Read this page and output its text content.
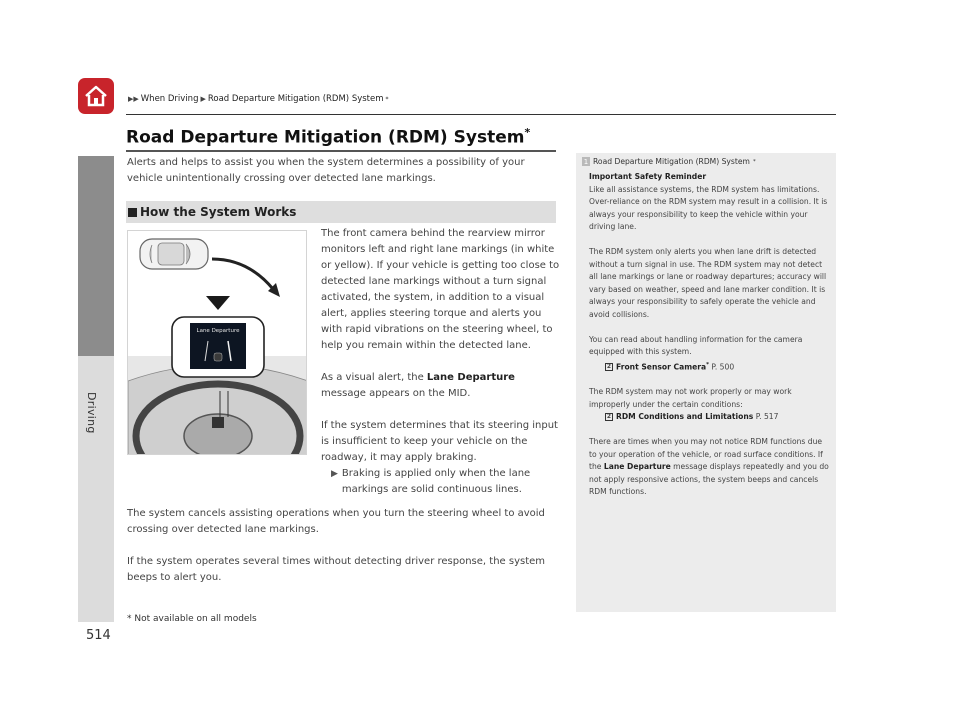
Driving
▶▶ When Driving ▶ Road Departure Mitigation (RDM) System *
Road Departure Mitigation (RDM) System*
Alerts and helps to assist you when the system determines a possibility of your vehicle unintentionally crossing over detected lane markings.
How the System Works
Lane Departure

The front camera behind the rearview mirror monitors left and right lane markings (in white or yellow). If your vehicle is getting too close to detected lane markings without a turn signal activated, the system, in addition to a visual alert, applies steering torque and alerts you with rapid vibrations on the steering wheel, to help you remain within the detected lane.

As a visual alert, the Lane Departure message appears on the MID.

If the system determines that its steering input is insufficient to keep your vehicle on the roadway, it may apply braking.

▶ Braking is applied only when the lane markings are solid continuous lines.

The system cancels assisting operations when you turn the steering wheel to avoid crossing over detected lane markings.

If the system operates several times without detecting driver response, the system beeps to alert you.

514
* Not available on all models
1 Road Departure Mitigation (RDM) System *
Important Safety Reminder
Like all assistance systems, the RDM system has limitations.

Over-reliance on the RDM system may result in a collision. It is always your responsibility to keep the vehicle within your driving lane.

The RDM system only alerts you when lane drift is detected without a turn signal in use. The RDM system may not detect all lane markings or lane or roadway departures; accuracy will vary based on weather, speed and lane marker condition. It is always your responsibility to safely operate the vehicle and avoid collisions.

You can read about handling information for the camera equipped with this system.

2 Front Sensor Camera* P. 500

The RDM system may not work properly or may work improperly under the certain conditions:

2 RDM Conditions and Limitations P. 517

There are times when you may not notice RDM functions due to your operation of the vehicle, or road surface conditions. If the Lane Departure message displays repeatedly and you do not apply responsive actions, the system beeps and cancels RDM functions.
